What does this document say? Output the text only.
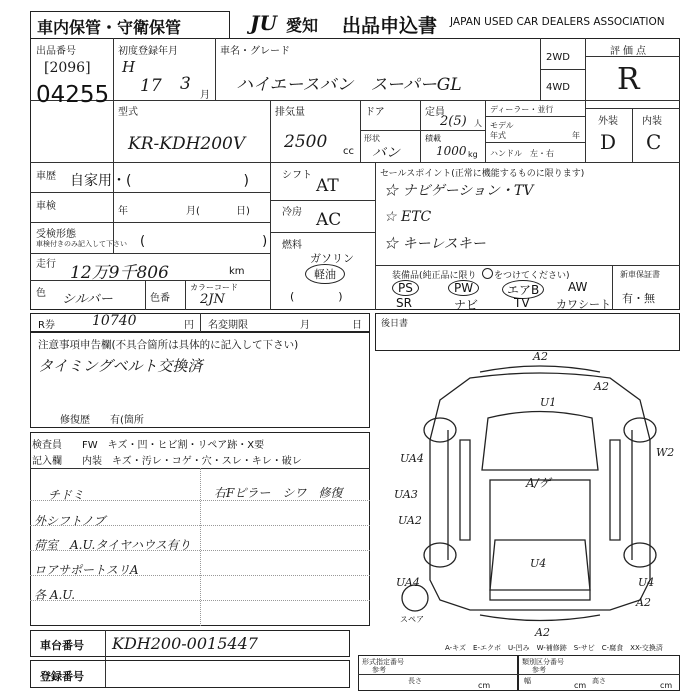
車内保管・守衛保管	JU 愛知 出品申込書 JAPAN USED CAR DEALERS ASSOCIATION
出品番号
[2096]
04255
初度登録年月
H
17 3
月
車名・グレード
ハイエースバン　スーパーGL
2WD
4WD
評価点
R
外装 内装
D C
型式
KR-KDH200V
排気量
2500 cc
ドア
形状
バン
定員
2(5) 人
積載
1000 kg
ディーラー・並行
モデル
年式	年
ハンドル　左・右
車歴 自家用・(　　　　　　　　)
車検	年	月(	日)
受検形態
車検付きのみ記入して下さい (　　　　　　　　　)
走行 12万9千806	km
色 シルバー	色番
カラーコード
2JN
シフト
AT
冷房 AC
燃料
ガソリン
軽油
(　　　　)
セールスポイント(正常に機能するものに限ります)
☆ ナビゲーション・TV
☆ ETC
☆ キーレスキー
装備品(純正品に限り をつけてください)	新車保証書
有・無
PS	PW	エアB	AW
SR	ナビ	TV カワシート
R券	10740	円 名変期限	月	日
注意事項申告欄(不具合箇所は具体的に記入して下さい)
タイミングベルト交換済
修復歴　　有(箇所
後日書
検査員
記入欄
FW　キズ・凹・ヒビ割・リペア跡・X要
内装　キズ・汚レ・コゲ・穴・スレ・キレ・破レ
チドミ	右Fピラー　シワ　修復
外シフトノブ
荷室　A.U.タイヤハウス有り
ロアサポートスリA
各 A.U.
A2
U1
A2
W2
UA4
A/ゲ
UA3
UA2
U4
UA4	U4
A2
A2
スペア
A-キズ　E-エクボ　U-凹み　W-補修跡　S-サビ　C-腐食　XX-交換済
車台番号 KDH200-0015447
登録番号
形式指定番号
参考
長さ	cm
類別区分番号
参考
幅	高さ
cm	cm
